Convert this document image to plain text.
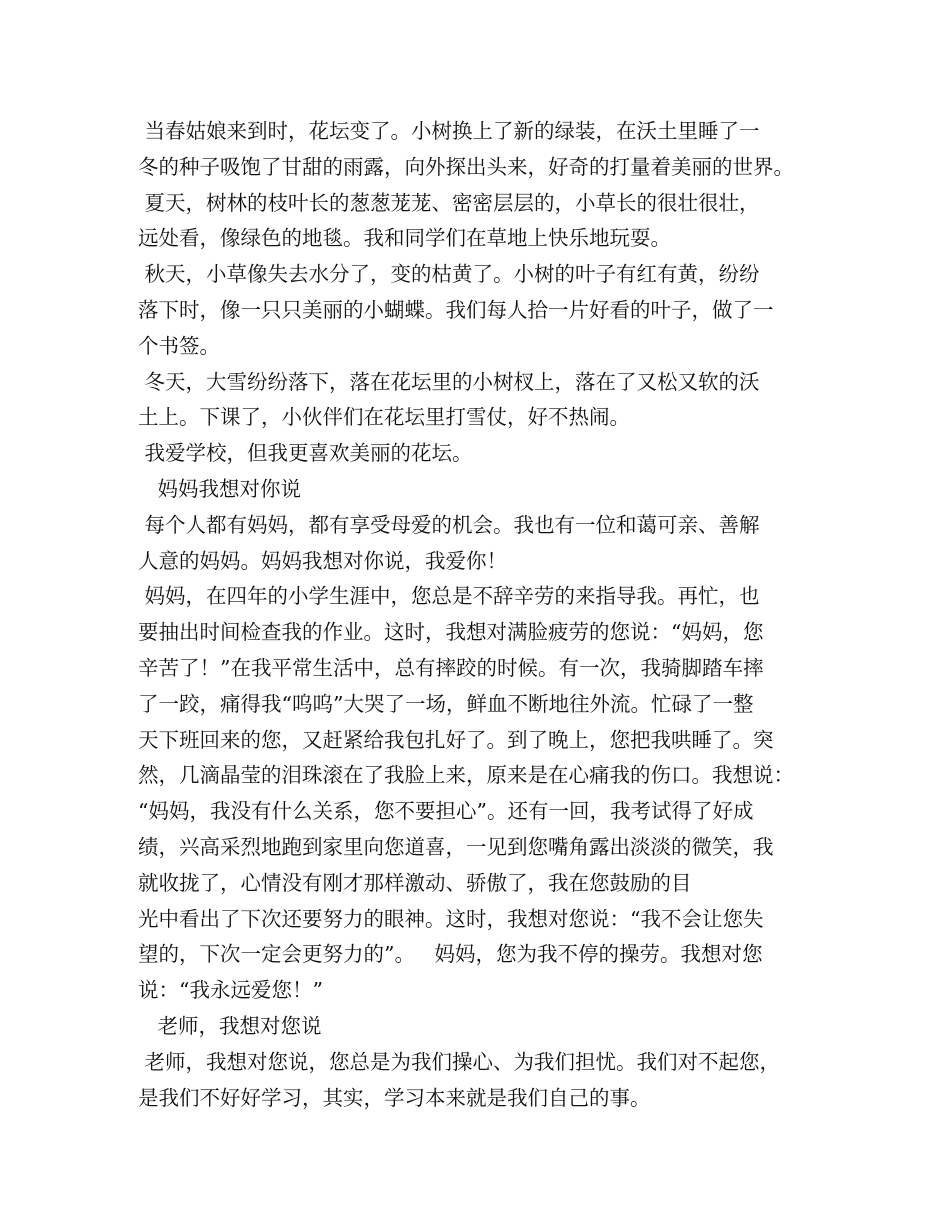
当春姑娘来到时，花坛变了。小树换上了新的绿装，在沃土里睡了一
冬的种子吸饱了甘甜的雨露，向外探出头来，好奇的打量着美丽的世界。
夏天，树林的枝叶长的葱葱茏茏、密密层层的，小草长的很壮很壮，
远处看，像绿色的地毯。我和同学们在草地上快乐地玩耍。
秋天，小草像失去水分了，变的枯黄了。小树的叶子有红有黄，纷纷
落下时，像一只只美丽的小蝴蝶。我们每人拾一片好看的叶子，做了一
个书签。
冬天，大雪纷纷落下，落在花坛里的小树杈上，落在了又松又软的沃
土上。下课了，小伙伴们在花坛里打雪仗，好不热闹。
我爱学校，但我更喜欢美丽的花坛。
妈妈我想对你说
每个人都有妈妈，都有享受母爱的机会。我也有一位和蔼可亲、善解
人意的妈妈。妈妈我想对你说，我爱你！
妈妈，在四年的小学生涯中，您总是不辞辛劳的来指导我。再忙，也
要抽出时间检查我的作业。这时，我想对满脸疲劳的您说：“妈妈，您
辛苦了！”在我平常生活中，总有摔跤的时候。有一次，我骑脚踏车摔
了一跤，痛得我“呜呜”大哭了一场，鲜血不断地往外流。忙碌了一整
天下班回来的您，又赶紧给我包扎好了。到了晚上，您把我哄睡了。突
然，几滴晶莹的泪珠滚在了我脸上来，原来是在心痛我的伤口。我想说：
“妈妈，我没有什么关系，您不要担心”。还有一回，我考试得了好成
绩，兴高采烈地跑到家里向您道喜，一见到您嘴角露出淡淡的微笑，我
就收拢了，心情没有刚才那样激动、骄傲了，我在您鼓励的目
光中看出了下次还要努力的眼神。这时，我想对您说：“我不会让您失
望的，下次一定会更努力的”。   妈妈，您为我不停的操劳。我想对您
说：“我永远爱您！”
老师，我想对您说
老师，我想对您说，您总是为我们操心、为我们担忧。我们对不起您，
是我们不好好学习，其实，学习本来就是我们自己的事。
